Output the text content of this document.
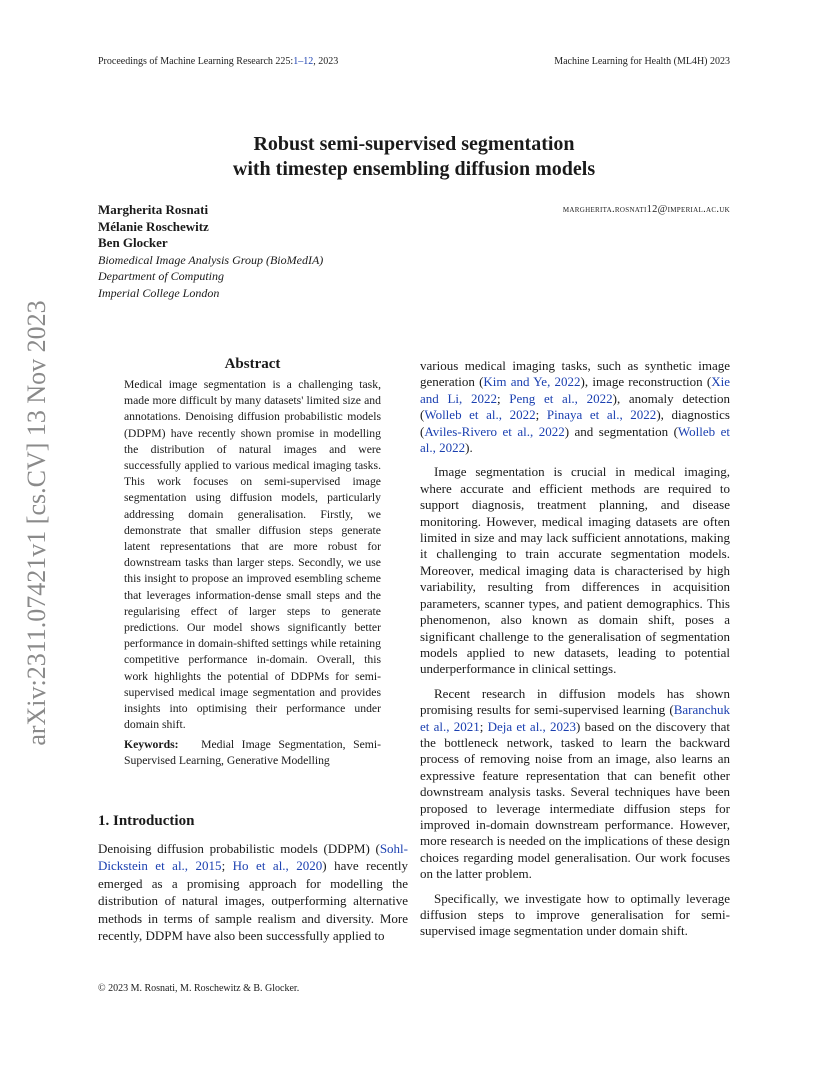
Proceedings of Machine Learning Research 225:1–12, 2023	Machine Learning for Health (ML4H) 2023
Robust semi-supervised segmentation
with timestep ensembling diffusion models
Margherita Rosnati
Mélanie Roschewitz
Ben Glocker
Biomedical Image Analysis Group (BioMedIA)
Department of Computing
Imperial College London
margherita.rosnati12@imperial.ac.uk
arXiv:2311.07421v1 [cs.CV] 13 Nov 2023	Abstract
Medical image segmentation is a challenging task, made more difficult by many datasets' limited size and annotations. Denoising diffusion probabilistic models (DDPM) have recently shown promise in modelling the distribution of natural images and were successfully applied to various medical imaging tasks. This work focuses on semi-supervised image segmentation using diffusion models, particularly addressing domain generalisation. Firstly, we demonstrate that smaller diffusion steps generate latent representations that are more robust for downstream tasks than larger steps. Secondly, we use this insight to propose an improved esembling scheme that leverages information-dense small steps and the regularising effect of larger steps to generate predictions. Our model shows significantly better performance in domain-shifted settings while retaining competitive performance in-domain. Overall, this work highlights the potential of DDPMs for semi-supervised medical image segmentation and provides insights into optimising their performance under domain shift.
Keywords: Medial Image Segmentation, Semi-Supervised Learning, Generative Modelling
1. Introduction

Denoising diffusion probabilistic models (DDPM) (Sohl-Dickstein et al., 2015; Ho et al., 2020) have recently emerged as a promising approach for modelling the distribution of natural images, outperforming alternative methods in terms of sample realism and diversity. More recently, DDPM have also been successfully applied to

various medical imaging tasks, such as synthetic image generation (Kim and Ye, 2022), image reconstruction (Xie and Li, 2022; Peng et al., 2022), anomaly detection (Wolleb et al., 2022; Pinaya et al., 2022), diagnostics (Aviles-Rivero et al., 2022) and segmentation (Wolleb et al., 2022).

Image segmentation is crucial in medical imaging, where accurate and efficient methods are required to support diagnosis, treatment planning, and disease monitoring. However, medical imaging datasets are often limited in size and may lack sufficient annotations, making it challenging to train accurate segmentation models. Moreover, medical imaging data is characterised by high variability, resulting from differences in acquisition parameters, scanner types, and patient demographics. This phenomenon, also known as domain shift, poses a significant challenge to the generalisation of segmentation models applied to new datasets, leading to potential underperformance in clinical settings.

Recent research in diffusion models has shown promising results for semi-supervised learning (Baranchuk et al., 2021; Deja et al., 2023) based on the discovery that the bottleneck network, tasked to learn the backward process of removing noise from an image, also learns an expressive feature representation that can benefit other downstream analysis tasks. Several techniques have been proposed to leverage intermediate diffusion steps for improved in-domain downstream performance. However, more research is needed on the implications of these design choices regarding model generalisation. Our work focuses on the latter problem.

Specifically, we investigate how to optimally leverage diffusion steps to improve generalisation for semi-supervised image segmentation under domain shift.

© 2023 M. Rosnati, M. Roschewitz & B. Glocker.
